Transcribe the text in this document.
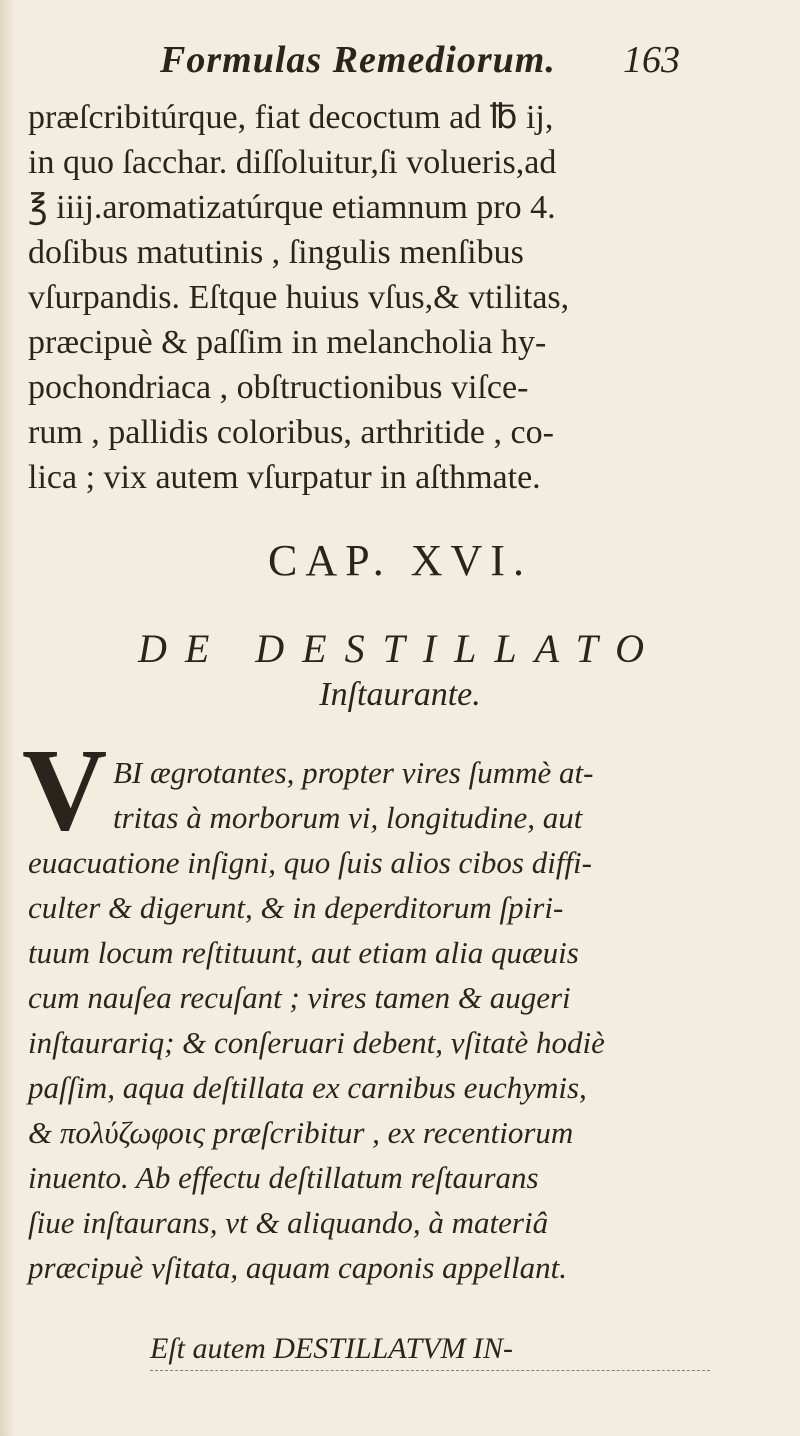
Formulas Remediorum. 163
præſcribitúrque, fiat decoctum ad ℔ ij,
in quo ſacchar. diſſoluitur,ſi volueris,ad
℥ iiij.aromatizatúrque etiamnum pro 4.
doſibus matutinis , ſingulis menſibus
vſurpandis. Eſtque huius vſus,& vtilitas,
præcipuè & paſſim in melancholia hy-
pochondriaca , obſtructionibus viſce-
rum , pallidis coloribus, arthritide , co-
lica ; vix autem vſurpatur in aſthmate.
CAP. XVI.
DE DESTILLATO
Inſtaurante.
V BI ægrotantes, propter vires ſummè at-
tritas à morborum vi, longitudine, aut
euacuatione inſigni, quo ſuis alios cibos diffi-
culter & digerunt, & in deperditorum ſpiri-
tuum locum reſtituunt, aut etiam alia quæuis
cum nauſea recuſant ; vires tamen & augeri
inſtaurariq; & conſeruari debent, vſitatè hodiè
paſſim, aqua deſtillata ex carnibus euchymis,
& πολύζωφοις præſcribitur , ex recentiorum
inuento. Ab effectu deſtillatum reſtaurans
ſiue inſtaurans, vt & aliquando, à materiâ
præcipuè vſitata, aquam caponis appellant.
Eſt autem DESTILLATVM IN-
